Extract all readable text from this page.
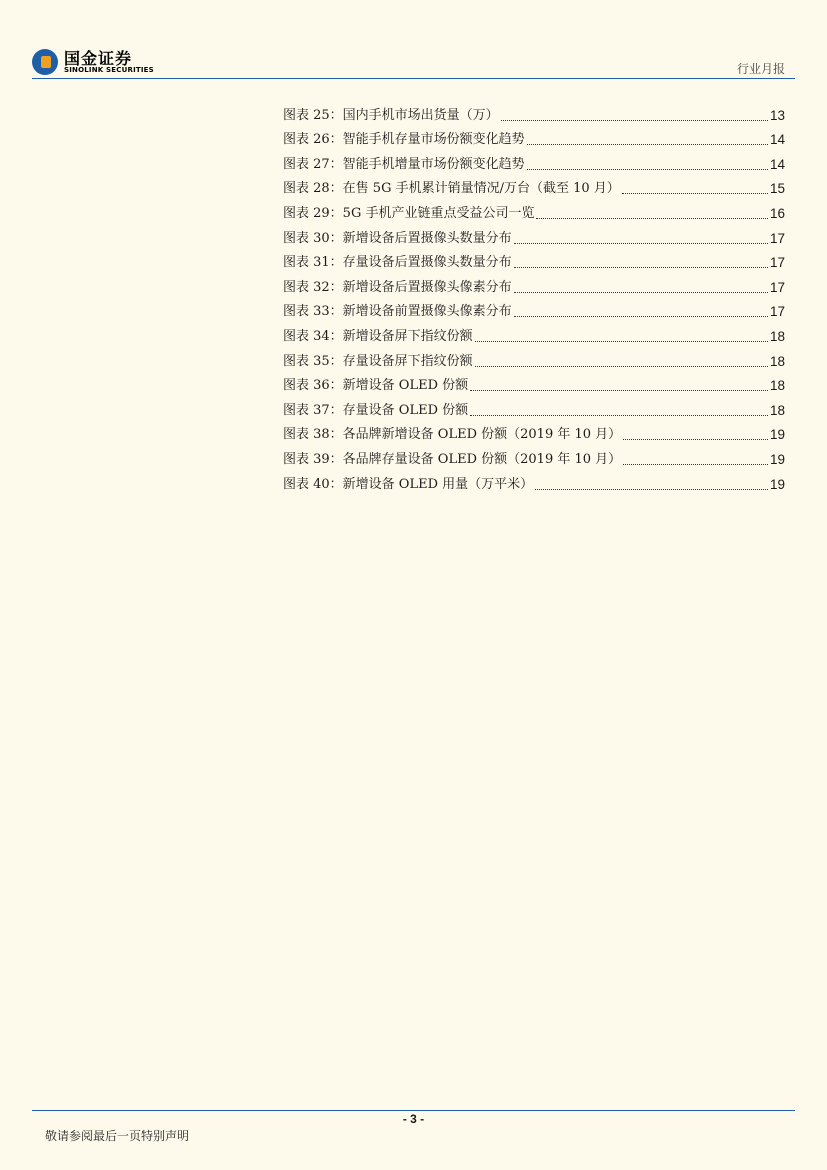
国金证券
SINOLINK SECURITIES	行业月报
图表 25：国内手机市场出货量（万）	13
图表 26：智能手机存量市场份额变化趋势	14
图表 27：智能手机增量市场份额变化趋势	14
图表 28：在售 5G 手机累计销量情况/万台（截至 10 月）	15
图表 29：5G 手机产业链重点受益公司一览	16
图表 30：新增设备后置摄像头数量分布	17
图表 31：存量设备后置摄像头数量分布	17
图表 32：新增设备后置摄像头像素分布	17
图表 33：新增设备前置摄像头像素分布	17
图表 34：新增设备屏下指纹份额	18
图表 35：存量设备屏下指纹份额	18
图表 36：新增设备 OLED 份额	18
图表 37：存量设备 OLED 份额	18
图表 38：各品牌新增设备 OLED 份额（2019 年 10 月）	19
图表 39：各品牌存量设备 OLED 份额（2019 年 10 月）	19
图表 40：新增设备 OLED 用量（万平米）	19
- 3 -
敬请参阅最后一页特别声明
